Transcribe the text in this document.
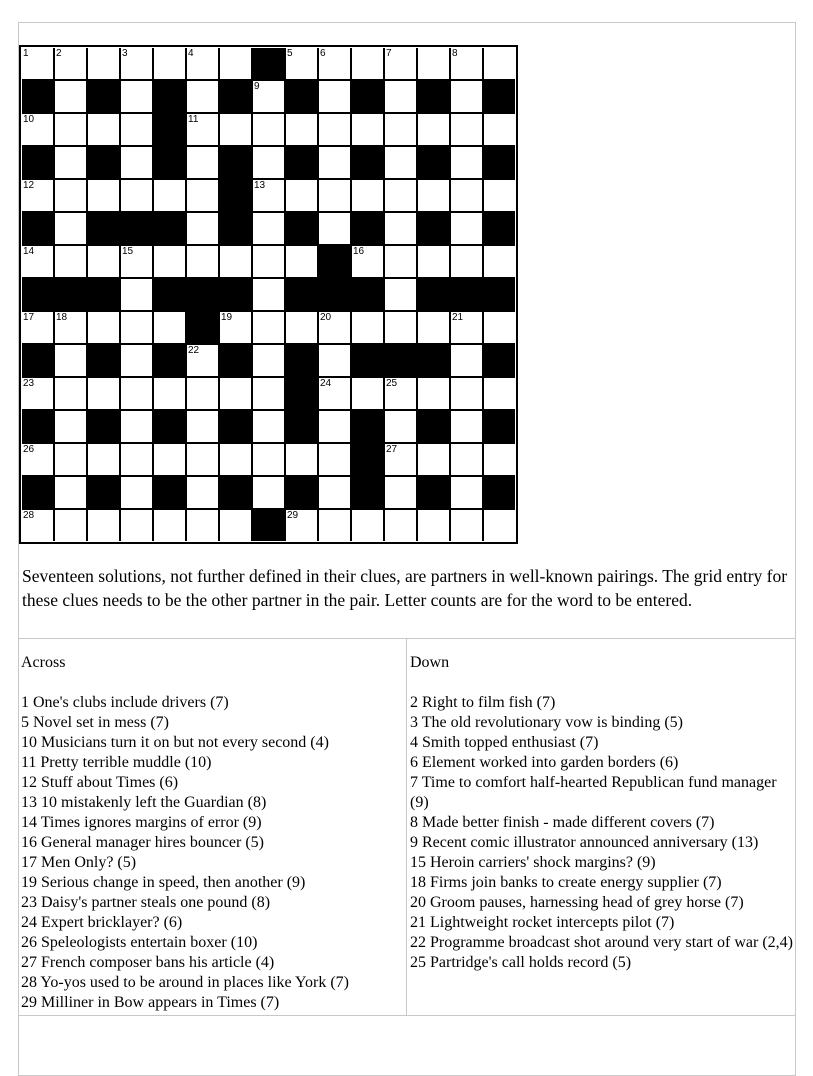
1	2	3	4	5	6	7	8
9
10	11
12	13
14	15	16
17 18	19	20	21
22
23	24	25
26	27
28	29

Seventeen solutions, not further defined in their clues, are partners in well-known pairings. The grid entry for these clues needs to be the other partner in the pair. Letter counts are for the word to be entered.

Across
1 One's clubs include drivers (7)
5 Novel set in mess (7)
10 Musicians turn it on but not every second (4)
11 Pretty terrible muddle (10)
12 Stuff about Times (6)
13 10 mistakenly left the Guardian (8)
14 Times ignores margins of error (9)
16 General manager hires bouncer (5)
17 Men Only? (5)
19 Serious change in speed, then another (9)
23 Daisy's partner steals one pound (8)
24 Expert bricklayer? (6)
26 Speleologists entertain boxer (10)
27 French composer bans his article (4)
28 Yo-yos used to be around in places like York (7)
29 Milliner in Bow appears in Times (7)
Down
2 Right to film fish (7)
3 The old revolutionary vow is binding (5)
4 Smith topped enthusiast (7)
6 Element worked into garden borders (6)
7 Time to comfort half-hearted Republican fund manager (9)
8 Made better finish - made different covers (7)
9 Recent comic illustrator announced anniversary (13)
15 Heroin carriers' shock margins? (9)
18 Firms join banks to create energy supplier (7)
20 Groom pauses, harnessing head of grey horse (7)
21 Lightweight rocket intercepts pilot (7)
22 Programme broadcast shot around very start of war (2,4)
25 Partridge's call holds record (5)
